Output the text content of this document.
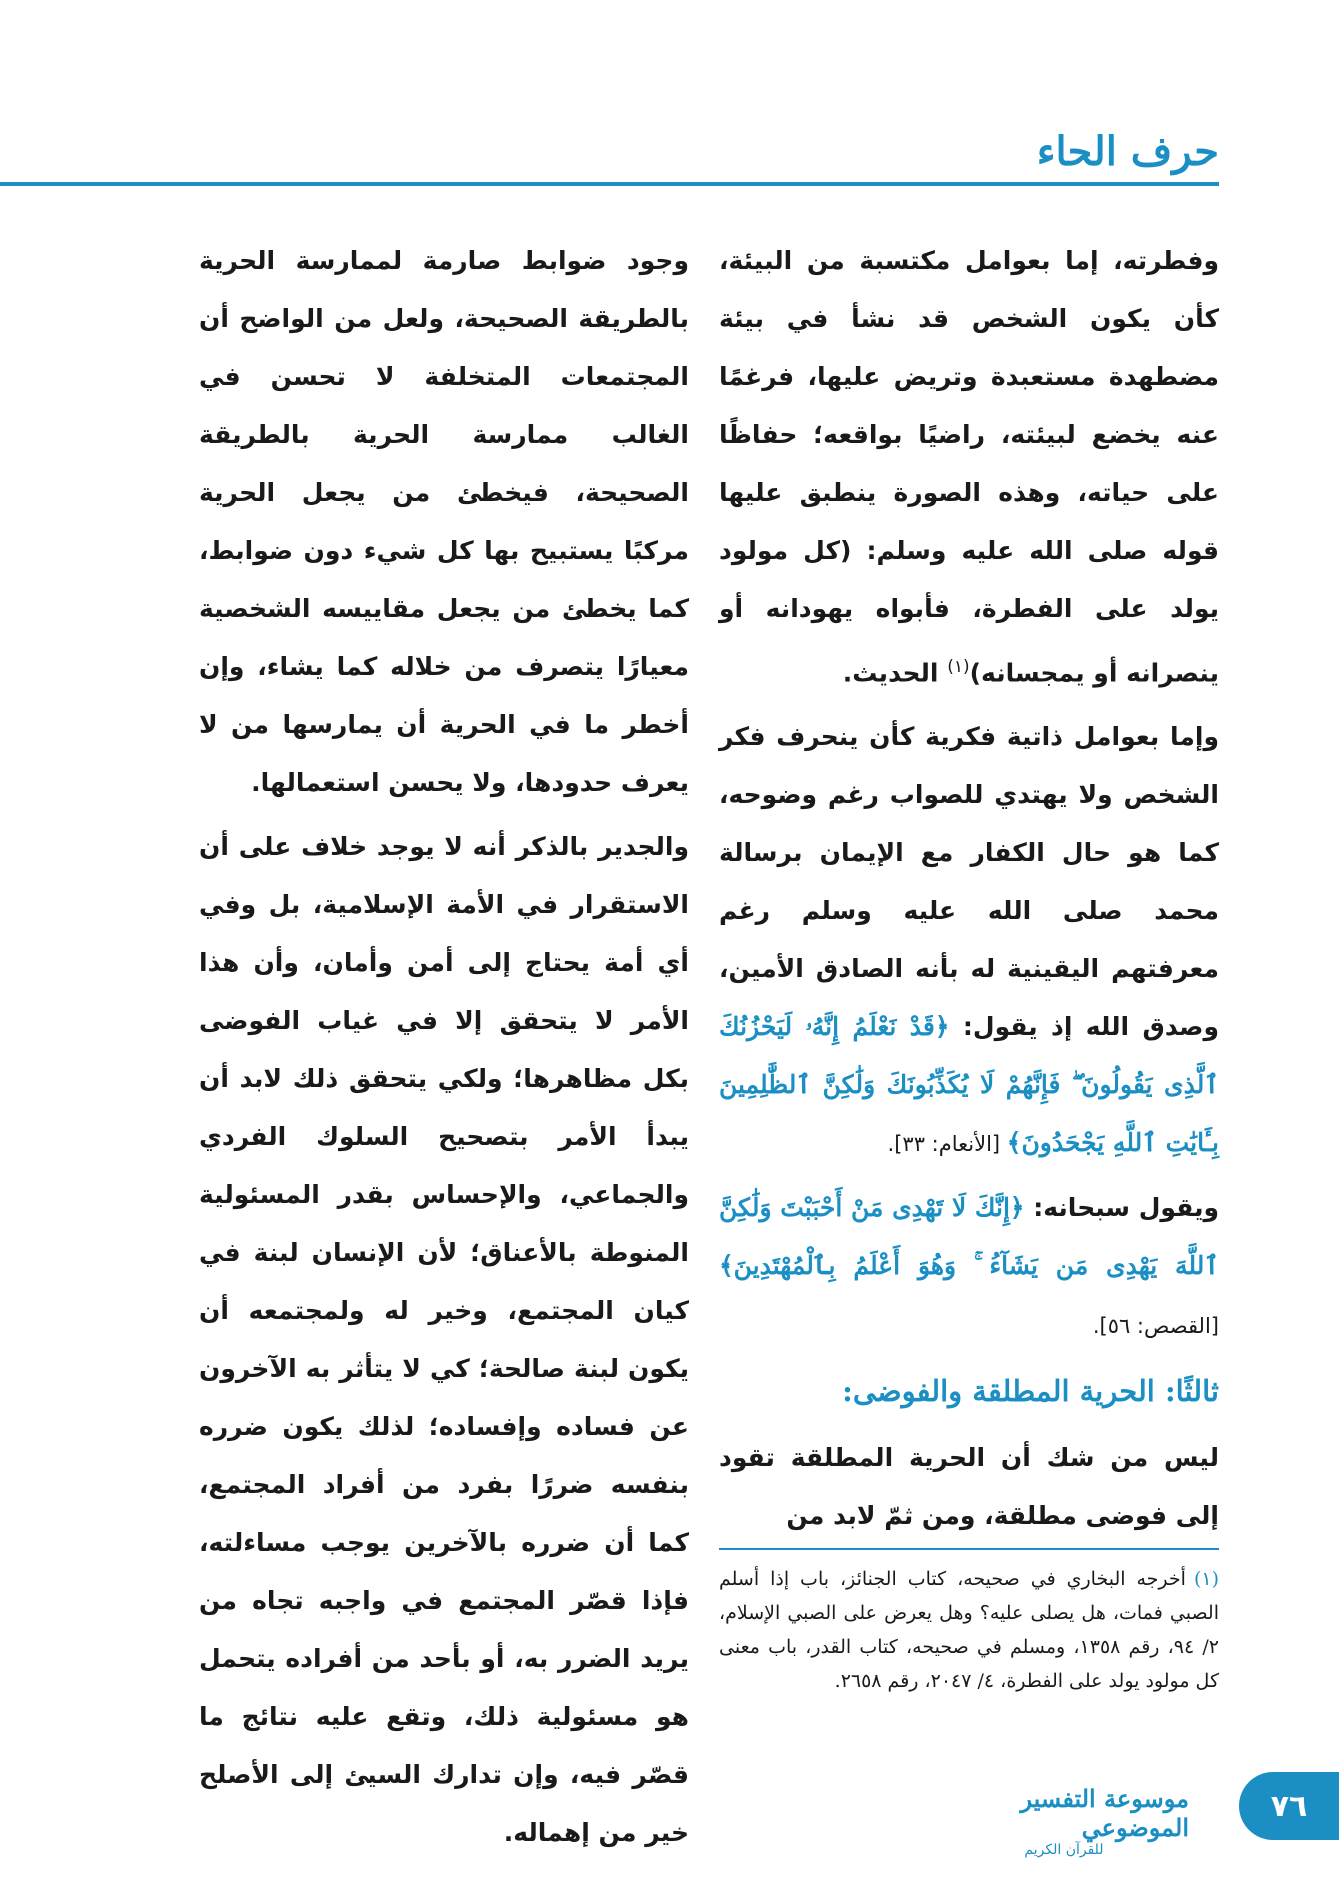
حرف الحاء

وفطرته، إما بعوامل مكتسبة من البيئة، كأن يكون الشخص قد نشأ في بيئة مضطهدة مستعبدة وتريض عليها، فرغمًا عنه يخضع لبيئته، راضيًا بواقعه؛ حفاظًا على حياته، وهذه الصورة ينطبق عليها قوله صلى الله عليه وسلم: (كل مولود يولد على الفطرة، فأبواه يهودانه أو ينصرانه أو يمجسانه)$^{(١)}$ الحديث.

وإما بعوامل ذاتية فكرية كأن ينحرف فكر الشخص ولا يهتدي للصواب رغم وضوحه، كما هو حال الكفار مع الإيمان برسالة محمد صلى الله عليه وسلم رغم معرفتهم اليقينية له بأنه الصادق الأمين، وصدق الله إذ يقول: ﴿قَدْ نَعْلَمُ إِنَّهُۥ لَيَحْزُنُكَ ٱلَّذِى يَقُولُونَ ۖ فَإِنَّهُمْ لَا يُكَذِّبُونَكَ وَلَٰكِنَّ ٱلظَّٰلِمِينَ بِـَٔايَٰتِ ٱللَّهِ يَجْحَدُونَ﴾ [الأنعام: ٣٣].

ويقول سبحانه: ﴿إِنَّكَ لَا تَهْدِى مَنْ أَحْبَبْتَ وَلَٰكِنَّ ٱللَّهَ يَهْدِى مَن يَشَآءُ ۚ وَهُوَ أَعْلَمُ بِٱلْمُهْتَدِينَ﴾ [القصص: ٥٦].

ثالثًا: الحرية المطلقة والفوضى:

ليس من شك أن الحرية المطلقة تقود إلى فوضى مطلقة، ومن ثمّ لابد من

وجود ضوابط صارمة لممارسة الحرية بالطريقة الصحيحة، ولعل من الواضح أن المجتمعات المتخلفة لا تحسن في الغالب ممارسة الحرية بالطريقة الصحيحة، فيخطئ من يجعل الحرية مركبًا يستبيح بها كل شيء دون ضوابط، كما يخطئ من يجعل مقاييسه الشخصية معيارًا يتصرف من خلاله كما يشاء، وإن أخطر ما في الحرية أن يمارسها من لا يعرف حدودها، ولا يحسن استعمالها.

والجدير بالذكر أنه لا يوجد خلاف على أن الاستقرار في الأمة الإسلامية، بل وفي أي أمة يحتاج إلى أمن وأمان، وأن هذا الأمر لا يتحقق إلا في غياب الفوضى بكل مظاهرها؛ ولكي يتحقق ذلك لابد أن يبدأ الأمر بتصحيح السلوك الفردي والجماعي، والإحساس بقدر المسئولية المنوطة بالأعناق؛ لأن الإنسان لبنة في كيان المجتمع، وخير له ولمجتمعه أن يكون لبنة صالحة؛ كي لا يتأثر به الآخرون عن فساده وإفساده؛ لذلك يكون ضرره بنفسه ضررًا بفرد من أفراد المجتمع، كما أن ضرره بالآخرين يوجب مساءلته، فإذا قصّر المجتمع في واجبه تجاه من يريد الضرر به، أو بأحد من أفراده يتحمل هو مسئولية ذلك، وتقع عليه نتائج ما قصّر فيه، وإن تدارك السيئ إلى الأصلح خير من إهماله.

(١)أخرجه البخاري في صحيحه، كتاب الجنائز، باب إذا أسلم الصبي فمات، هل يصلى عليه؟ وهل يعرض على الصبي الإسلام، ٢/ ٩٤، رقم ١٣٥٨، ومسلم في صحيحه، كتاب القدر، باب معنى كل مولود يولد على الفطرة، ٤/ ٢٠٤٧، رقم ٢٦٥٨.
موسوعة التفسير الموضوعي
للقرآن الكريم
٧٦
